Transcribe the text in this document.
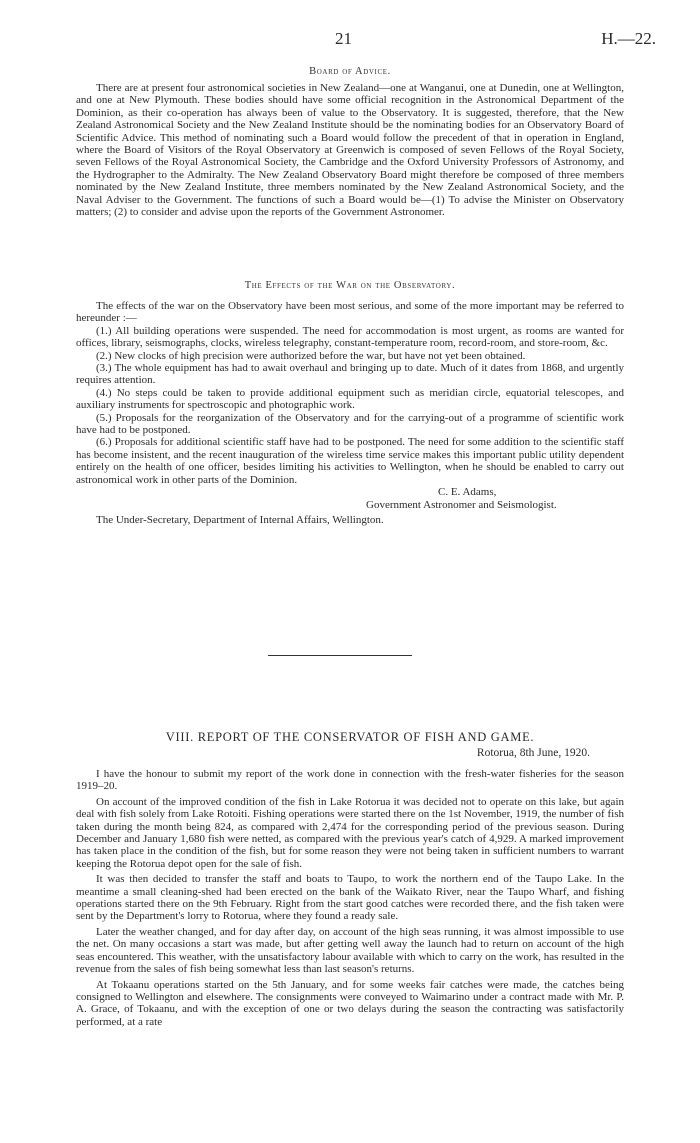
21	H.—22.

Board of Advice.

There are at present four astronomical societies in New Zealand—one at Wanganui, one at Dunedin, one at Wellington, and one at New Plymouth. These bodies should have some official recognition in the Astronomical Department of the Dominion, as their co-operation has always been of value to the Observatory. It is suggested, therefore, that the New Zealand Astronomical Society and the New Zealand Institute should be the nominating bodies for an Observatory Board of Scientific Advice. This method of nominating such a Board would follow the precedent of that in operation in England, where the Board of Visitors of the Royal Observatory at Greenwich is composed of seven Fellows of the Royal Society, seven Fellows of the Royal Astronomical Society, the Cambridge and the Oxford University Professors of Astronomy, and the Hydrographer to the Admiralty. The New Zealand Observatory Board might therefore be composed of three members nominated by the New Zealand Institute, three members nominated by the New Zealand Astronomical Society, and the Naval Adviser to the Government. The functions of such a Board would be—(1) To advise the Minister on Observatory matters; (2) to consider and advise upon the reports of the Government Astronomer.

The Effects of the War on the Observatory.

The effects of the war on the Observatory have been most serious, and some of the more important may be referred to hereunder :—

(1.) All building operations were suspended. The need for accommodation is most urgent, as rooms are wanted for offices, library, seismographs, clocks, wireless telegraphy, constant-temperature room, record-room, and store-room, &c.

(2.) New clocks of high precision were authorized before the war, but have not yet been obtained.

(3.) The whole equipment has had to await overhaul and bringing up to date. Much of it dates from 1868, and urgently requires attention.

(4.) No steps could be taken to provide additional equipment such as meridian circle, equatorial telescopes, and auxiliary instruments for spectroscopic and photographic work.

(5.) Proposals for the reorganization of the Observatory and for the carrying-out of a programme of scientific work have had to be postponed.

(6.) Proposals for additional scientific staff have had to be postponed. The need for some addition to the scientific staff has become insistent, and the recent inauguration of the wireless time service makes this important public utility dependent entirely on the health of one officer, besides limiting his activities to Wellington, when he should be enabled to carry out astronomical work in other parts of the Dominion.

C. E. Adams,

Government Astronomer and Seismologist.

The Under-Secretary, Department of Internal Affairs, Wellington.

VIII. REPORT OF THE CONSERVATOR OF FISH AND GAME.

Rotorua, 8th June, 1920.

I have the honour to submit my report of the work done in connection with the fresh-water fisheries for the season 1919–20.

On account of the improved condition of the fish in Lake Rotorua it was decided not to operate on this lake, but again deal with fish solely from Lake Rotoiti. Fishing operations were started there on the 1st November, 1919, the number of fish taken during the month being 824, as compared with 2,474 for the corresponding period of the previous season. During December and January 1,680 fish were netted, as compared with the previous year's catch of 4,929. A marked improvement has taken place in the condition of the fish, but for some reason they were not being taken in sufficient numbers to warrant keeping the Rotorua depot open for the sale of fish.

It was then decided to transfer the staff and boats to Taupo, to work the northern end of the Taupo Lake. In the meantime a small cleaning-shed had been erected on the bank of the Waikato River, near the Taupo Wharf, and fishing operations started there on the 9th February. Right from the start good catches were recorded there, and the fish taken were sent by the Department's lorry to Rotorua, where they found a ready sale.

Later the weather changed, and for day after day, on account of the high seas running, it was almost impossible to use the net. On many occasions a start was made, but after getting well away the launch had to return on account of the high seas encountered. This weather, with the unsatisfactory labour available with which to carry on the work, has resulted in the revenue from the sales of fish being somewhat less than last season's returns.

At Tokaanu operations started on the 5th January, and for some weeks fair catches were made, the catches being consigned to Wellington and elsewhere. The consignments were conveyed to Waimarino under a contract made with Mr. P. A. Grace, of Tokaanu, and with the exception of one or two delays during the season the contracting was satisfactorily performed, at a rate
